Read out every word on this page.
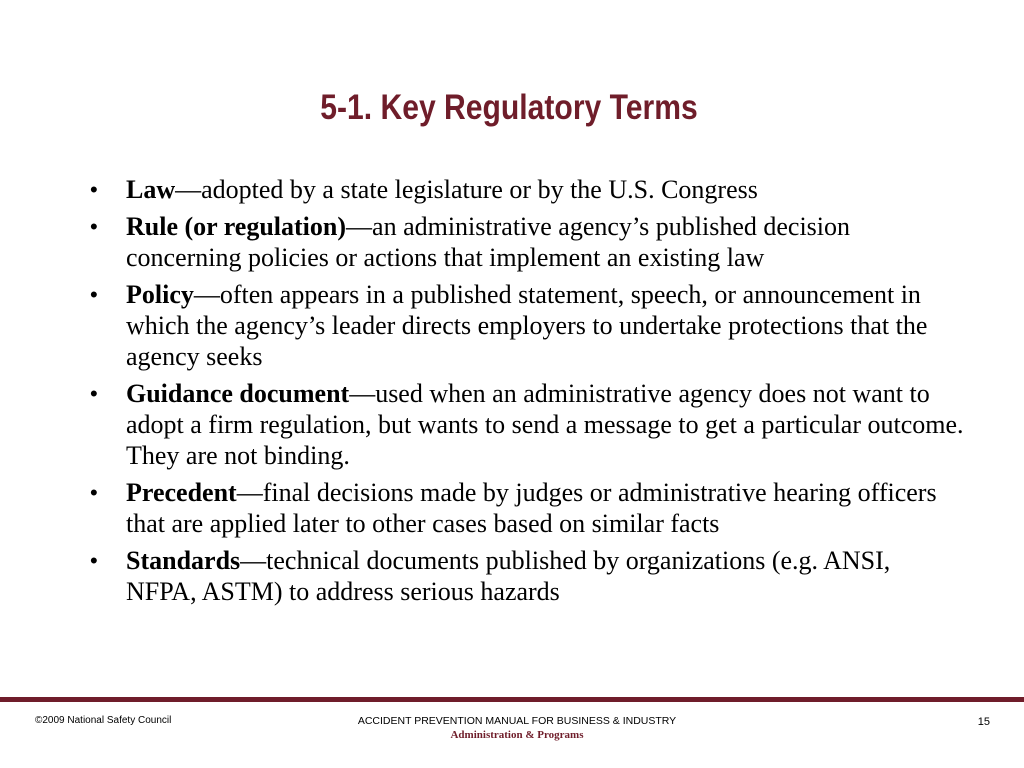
5-1. Key Regulatory Terms
• Law—adopted by a state legislature or by the U.S. Congress
• Rule (or regulation)—an administrative agency’s published decision concerning policies or actions that implement an existing law
• Policy—often appears in a published statement, speech, or announcement in which the agency’s leader directs employers to undertake protections that the agency seeks
• Guidance document—used when an administrative agency does not want to adopt a firm regulation, but wants to send a message to get a particular outcome. They are not binding.
• Precedent—final decisions made by judges or administrative hearing officers that are applied later to other cases based on similar facts
• Standards—technical documents published by organizations (e.g. ANSI, NFPA, ASTM) to address serious hazards
©2009 National Safety Council	ACCIDENT PREVENTION MANUAL FOR BUSINESS & INDUSTRY
Administration & Programs
15
